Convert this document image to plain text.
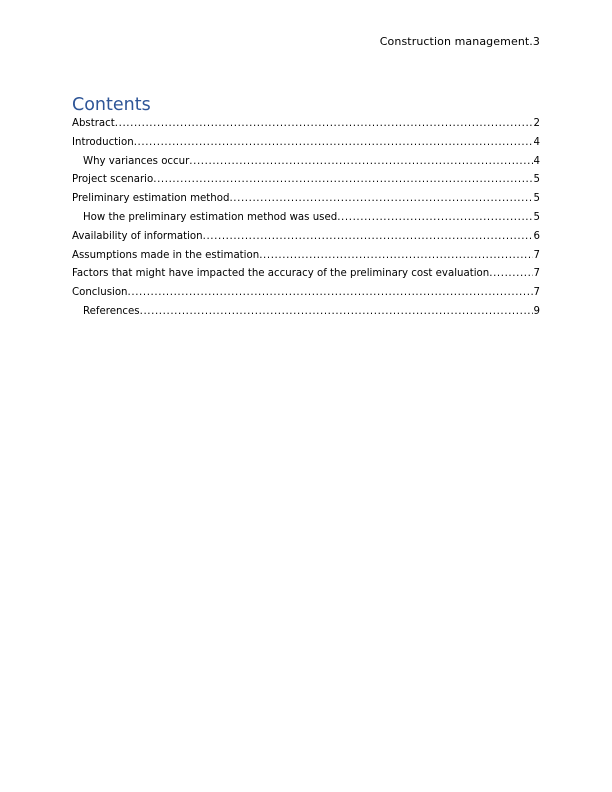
Construction management.3
Contents
Abstract .....	2
Introduction .....	4
Why variances occur .....	4
Project scenario .....	5
Preliminary estimation method .....	5
How the preliminary estimation method was used .....	5
Availability of information .....	6
Assumptions made in the estimation .....	7
Factors that might have impacted the accuracy of the preliminary cost evaluation .....	7
Conclusion .....	7
References .....	9
